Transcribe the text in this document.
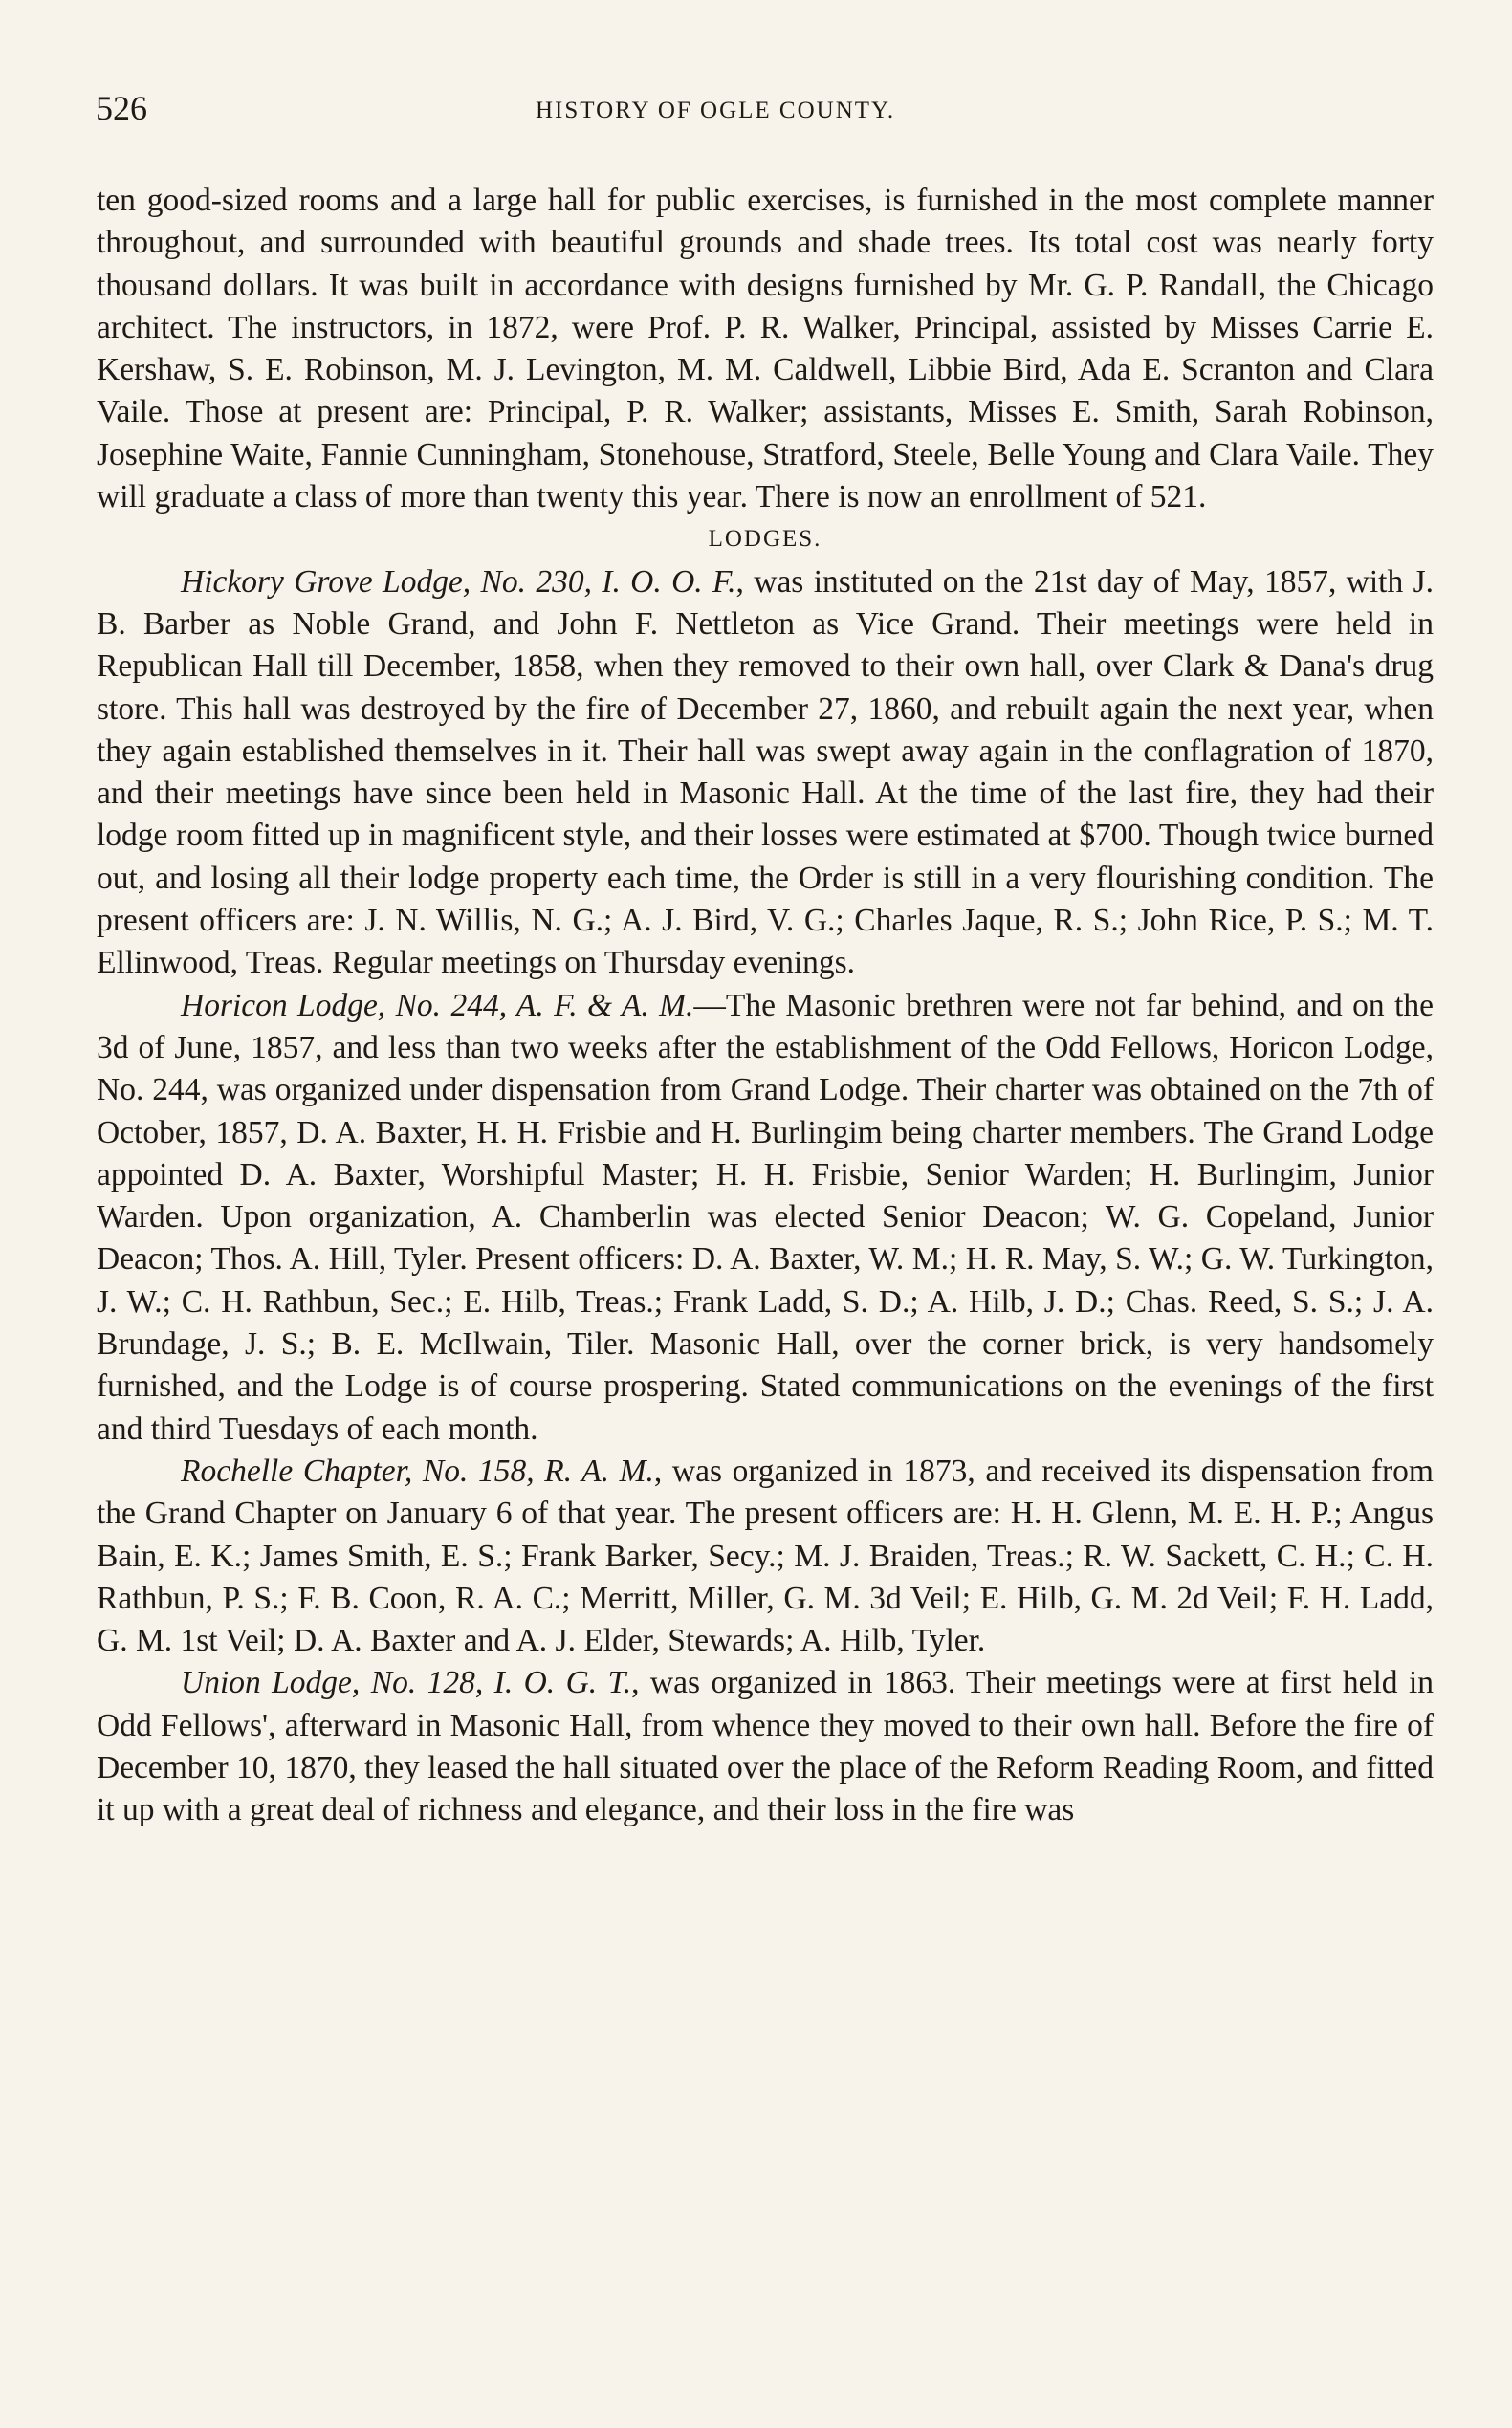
526	HISTORY OF OGLE COUNTY.

ten good-sized rooms and a large hall for public exercises, is furnished in the most complete manner throughout, and surrounded with beautiful grounds and shade trees. Its total cost was nearly forty thousand dollars. It was built in accordance with designs furnished by Mr. G. P. Randall, the Chicago architect. The instructors, in 1872, were Prof. P. R. Walker, Principal, assisted by Misses Carrie E. Kershaw, S. E. Robinson, M. J. Levington, M. M. Caldwell, Libbie Bird, Ada E. Scranton and Clara Vaile. Those at present are: Principal, P. R. Walker; assistants, Misses E. Smith, Sarah Robinson, Josephine Waite, Fannie Cunningham, Stonehouse, Stratford, Steele, Belle Young and Clara Vaile. They will graduate a class of more than twenty this year. There is now an enrollment of 521.

LODGES.

Hickory Grove Lodge, No. 230, I. O. O. F., was instituted on the 21st day of May, 1857, with J. B. Barber as Noble Grand, and John F. Nettleton as Vice Grand. Their meetings were held in Republican Hall till December, 1858, when they removed to their own hall, over Clark & Dana's drug store. This hall was destroyed by the fire of December 27, 1860, and rebuilt again the next year, when they again established themselves in it. Their hall was swept away again in the conflagration of 1870, and their meetings have since been held in Masonic Hall. At the time of the last fire, they had their lodge room fitted up in magnificent style, and their losses were estimated at $700. Though twice burned out, and losing all their lodge property each time, the Order is still in a very flourishing condition. The present officers are: J. N. Willis, N. G.; A. J. Bird, V. G.; Charles Jaque, R. S.; John Rice, P. S.; M. T. Ellinwood, Treas. Regular meetings on Thursday evenings.

Horicon Lodge, No. 244, A. F. & A. M.—The Masonic brethren were not far behind, and on the 3d of June, 1857, and less than two weeks after the establishment of the Odd Fellows, Horicon Lodge, No. 244, was organized under dispensation from Grand Lodge. Their charter was obtained on the 7th of October, 1857, D. A. Baxter, H. H. Frisbie and H. Burlingim being charter members. The Grand Lodge appointed D. A. Baxter, Worshipful Master; H. H. Frisbie, Senior Warden; H. Burlingim, Junior Warden. Upon organization, A. Chamberlin was elected Senior Deacon; W. G. Copeland, Junior Deacon; Thos. A. Hill, Tyler. Present officers: D. A. Baxter, W. M.; H. R. May, S. W.; G. W. Turkington, J. W.; C. H. Rathbun, Sec.; E. Hilb, Treas.; Frank Ladd, S. D.; A. Hilb, J. D.; Chas. Reed, S. S.; J. A. Brundage, J. S.; B. E. McIlwain, Tiler. Masonic Hall, over the corner brick, is very handsomely furnished, and the Lodge is of course prospering. Stated communications on the evenings of the first and third Tuesdays of each month.

Rochelle Chapter, No. 158, R. A. M., was organized in 1873, and received its dispensation from the Grand Chapter on January 6 of that year. The present officers are: H. H. Glenn, M. E. H. P.; Angus Bain, E. K.; James Smith, E. S.; Frank Barker, Secy.; M. J. Braiden, Treas.; R. W. Sackett, C. H.; C. H. Rathbun, P. S.; F. B. Coon, R. A. C.; Merritt, Miller, G. M. 3d Veil; E. Hilb, G. M. 2d Veil; F. H. Ladd, G. M. 1st Veil; D. A. Baxter and A. J. Elder, Stewards; A. Hilb, Tyler.

Union Lodge, No. 128, I. O. G. T., was organized in 1863. Their meetings were at first held in Odd Fellows', afterward in Masonic Hall, from whence they moved to their own hall. Before the fire of December 10, 1870, they leased the hall situated over the place of the Reform Reading Room, and fitted it up with a great deal of richness and elegance, and their loss in the fire was
